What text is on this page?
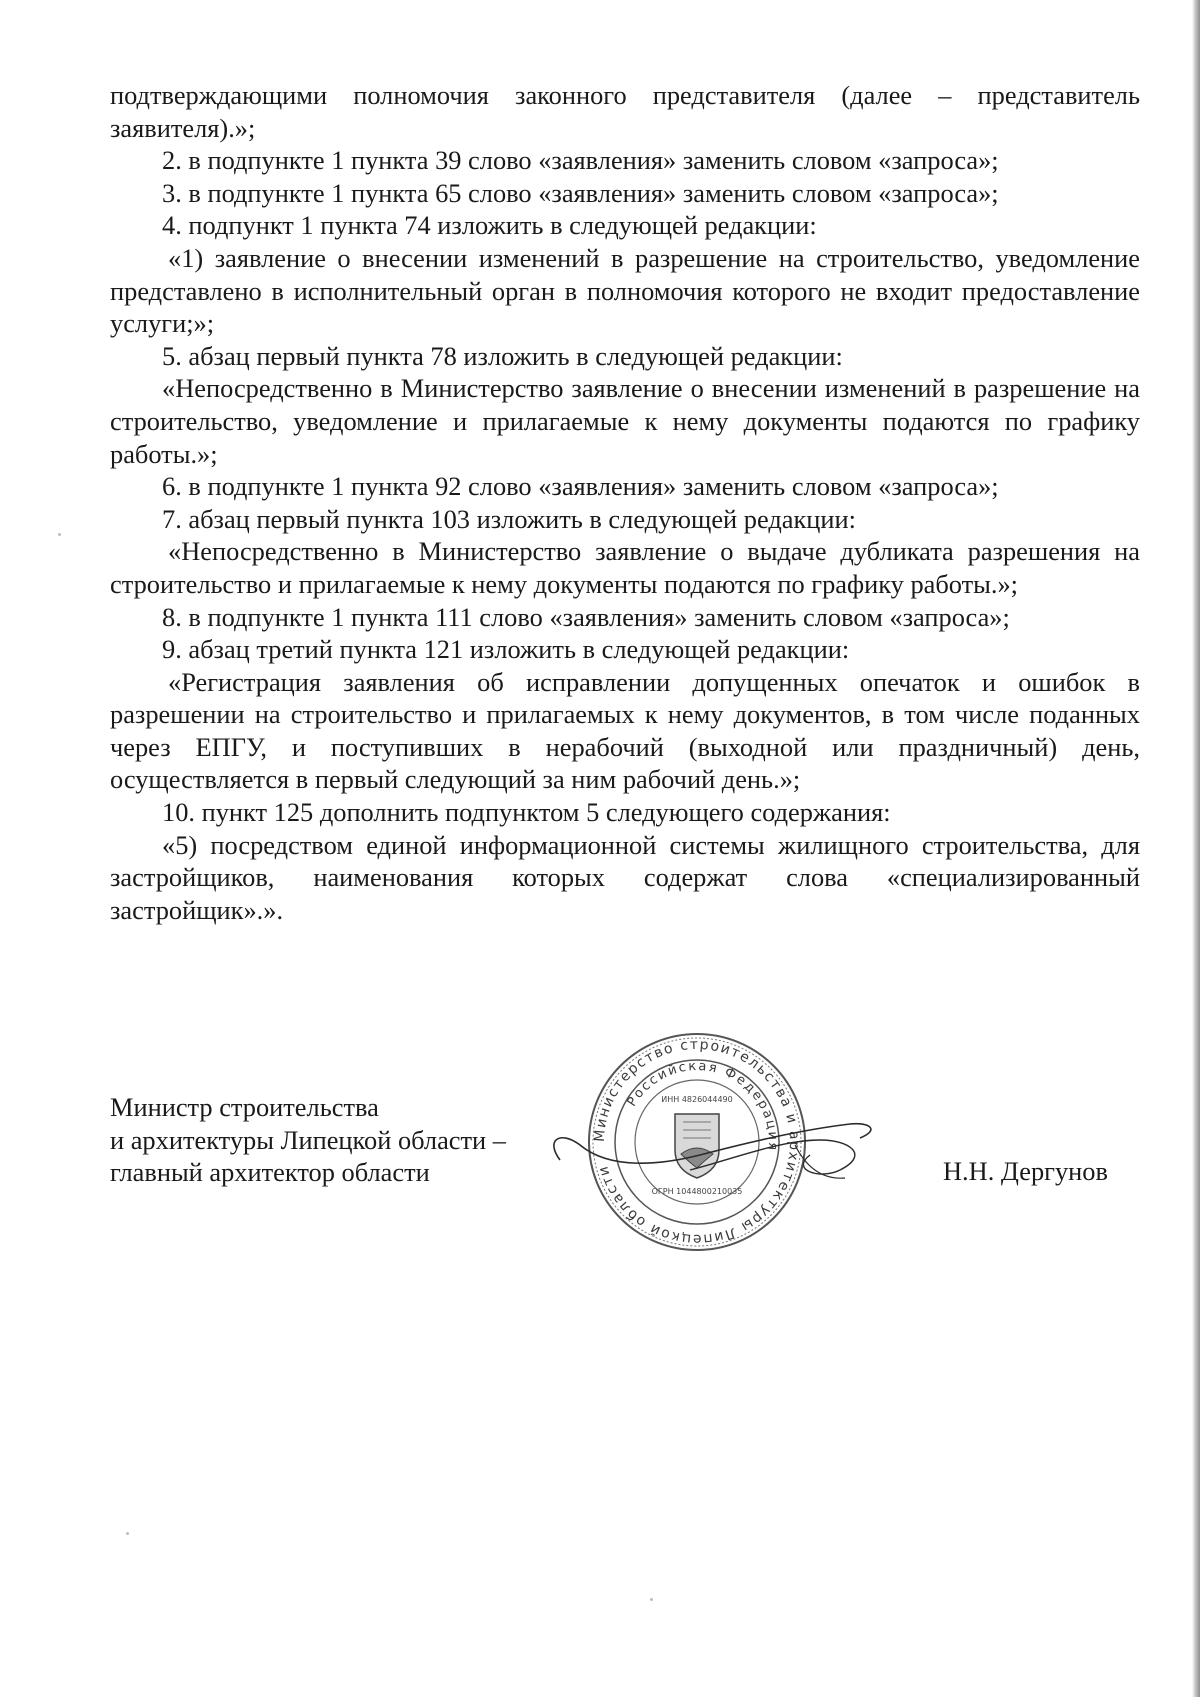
подтверждающими полномочия законного представителя (далее – представитель заявителя).»;

2. в подпункте 1 пункта 39 слово «заявления» заменить словом «запроса»;

3. в подпункте 1 пункта 65 слово «заявления» заменить словом «запроса»;

4. подпункт 1 пункта 74 изложить в следующей редакции:

«1) заявление о внесении изменений в разрешение на строительство, уведомление представлено в исполнительный орган в полномочия которого не входит предоставление услуги;»;

5. абзац первый пункта 78 изложить в следующей редакции:

«Непосредственно в Министерство заявление о внесении изменений в разрешение на строительство, уведомление и прилагаемые к нему документы подаются по графику работы.»;

6. в подпункте 1 пункта 92 слово «заявления» заменить словом «запроса»;

7. абзац первый пункта 103 изложить в следующей редакции:

«Непосредственно в Министерство заявление о выдаче дубликата разрешения на строительство и прилагаемые к нему документы подаются по графику работы.»;

8. в подпункте 1 пункта 111 слово «заявления» заменить словом «запроса»;

9. абзац третий пункта 121 изложить в следующей редакции:

«Регистрация заявления об исправлении допущенных опечаток и ошибок в разрешении на строительство и прилагаемых к нему документов, в том числе поданных через ЕПГУ, и поступивших в нерабочий (выходной или праздничный) день, осуществляется в первый следующий за ним рабочий день.»;

10. пункт 125 дополнить подпунктом 5 следующего содержания:

«5) посредством единой информационной системы жилищного строительства, для застройщиков, наименования которых содержат слова «специализированный застройщик».».

Министр строительства
и архитектуры Липецкой области –
главный архитектор области
Министерство строительства и архитектуры Липецкой области
Российская Федерация
ИНН 4826044490
ОГРН 1044800210035
Н.Н. Дергунов
